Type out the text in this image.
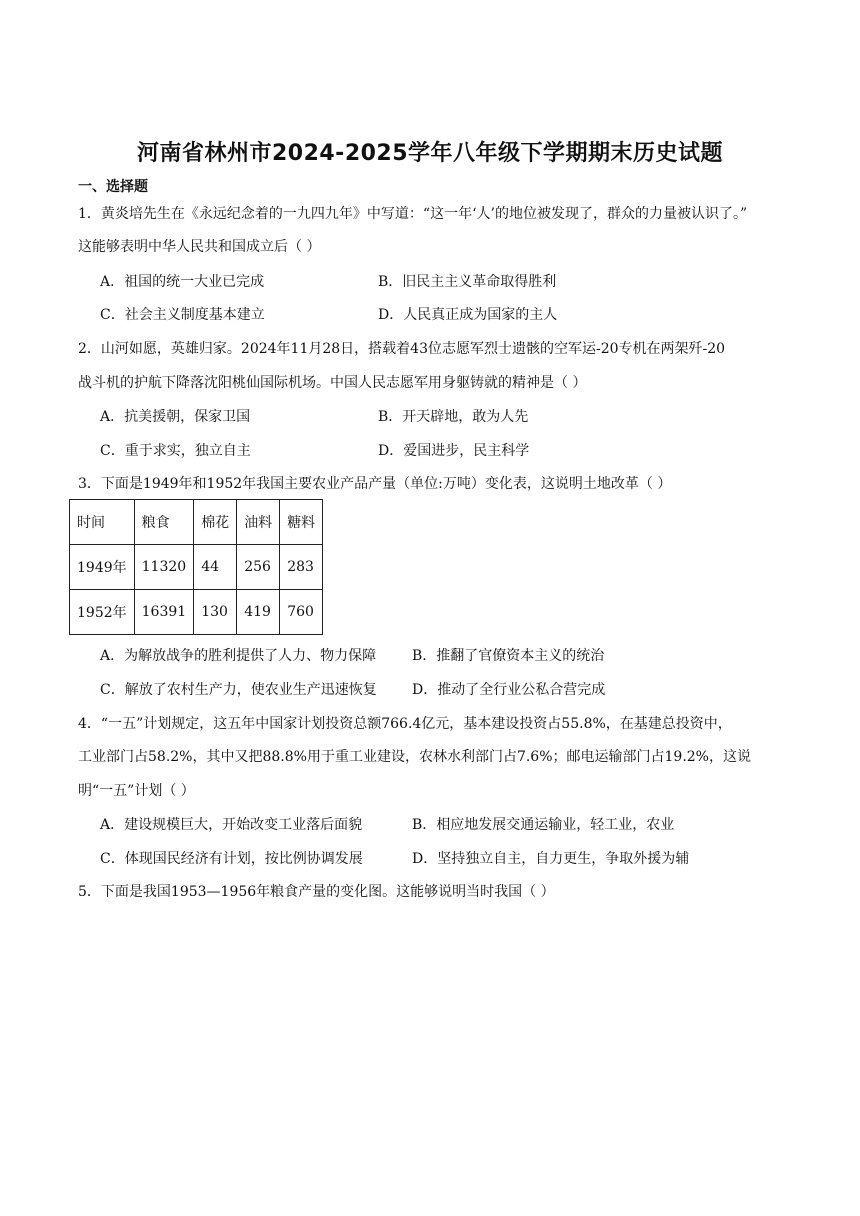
河南省林州市2024-2025学年八年级下学期期末历史试题
一、选择题
1．黄炎培先生在《永远纪念着的一九四九年》中写道：“这一年‘人’的地位被发现了，群众的力量被认识了。”
这能够表明中华人民共和国成立后（ ）
A．祖国的统一大业已完成	B．旧民主主义革命取得胜利
C．社会主义制度基本建立	D．人民真正成为国家的主人
2．山河如愿，英雄归家。2024年11月28日，搭载着43位志愿军烈士遗骸的空军运-20专机在两架歼-20
战斗机的护航下降落沈阳桃仙国际机场。中国人民志愿军用身躯铸就的精神是（ ）
A．抗美援朝，保家卫国	B．开天辟地，敢为人先
C．重于求实，独立自主	D．爱国进步，民主科学
3．下面是1949年和1952年我国主要农业产品产量（单位:万吨）变化表，这说明土地改革（ ）
时间	粮食	棉花	油料	糖料
1949年	11320	44	256	283
1952年	16391	130	419	760
A．为解放战争的胜利提供了人力、物力保障	B．推翻了官僚资本主义的统治
C．解放了农村生产力，使农业生产迅速恢复	D．推动了全行业公私合营完成
4．“一五”计划规定，这五年中国家计划投资总额766.4亿元，基本建设投资占55.8%，在基建总投资中，
工业部门占58.2%，其中又把88.8%用于重工业建设，农林水利部门占7.6%；邮电运输部门占19.2%，这说
明“一五”计划（ ）
A．建设规模巨大，开始改变工业落后面貌	B．相应地发展交通运输业，轻工业，农业
C．体现国民经济有计划，按比例协调发展	D．坚持独立自主，自力更生，争取外援为辅
5．下面是我国1953—1956年粮食产量的变化图。这能够说明当时我国（ ）
